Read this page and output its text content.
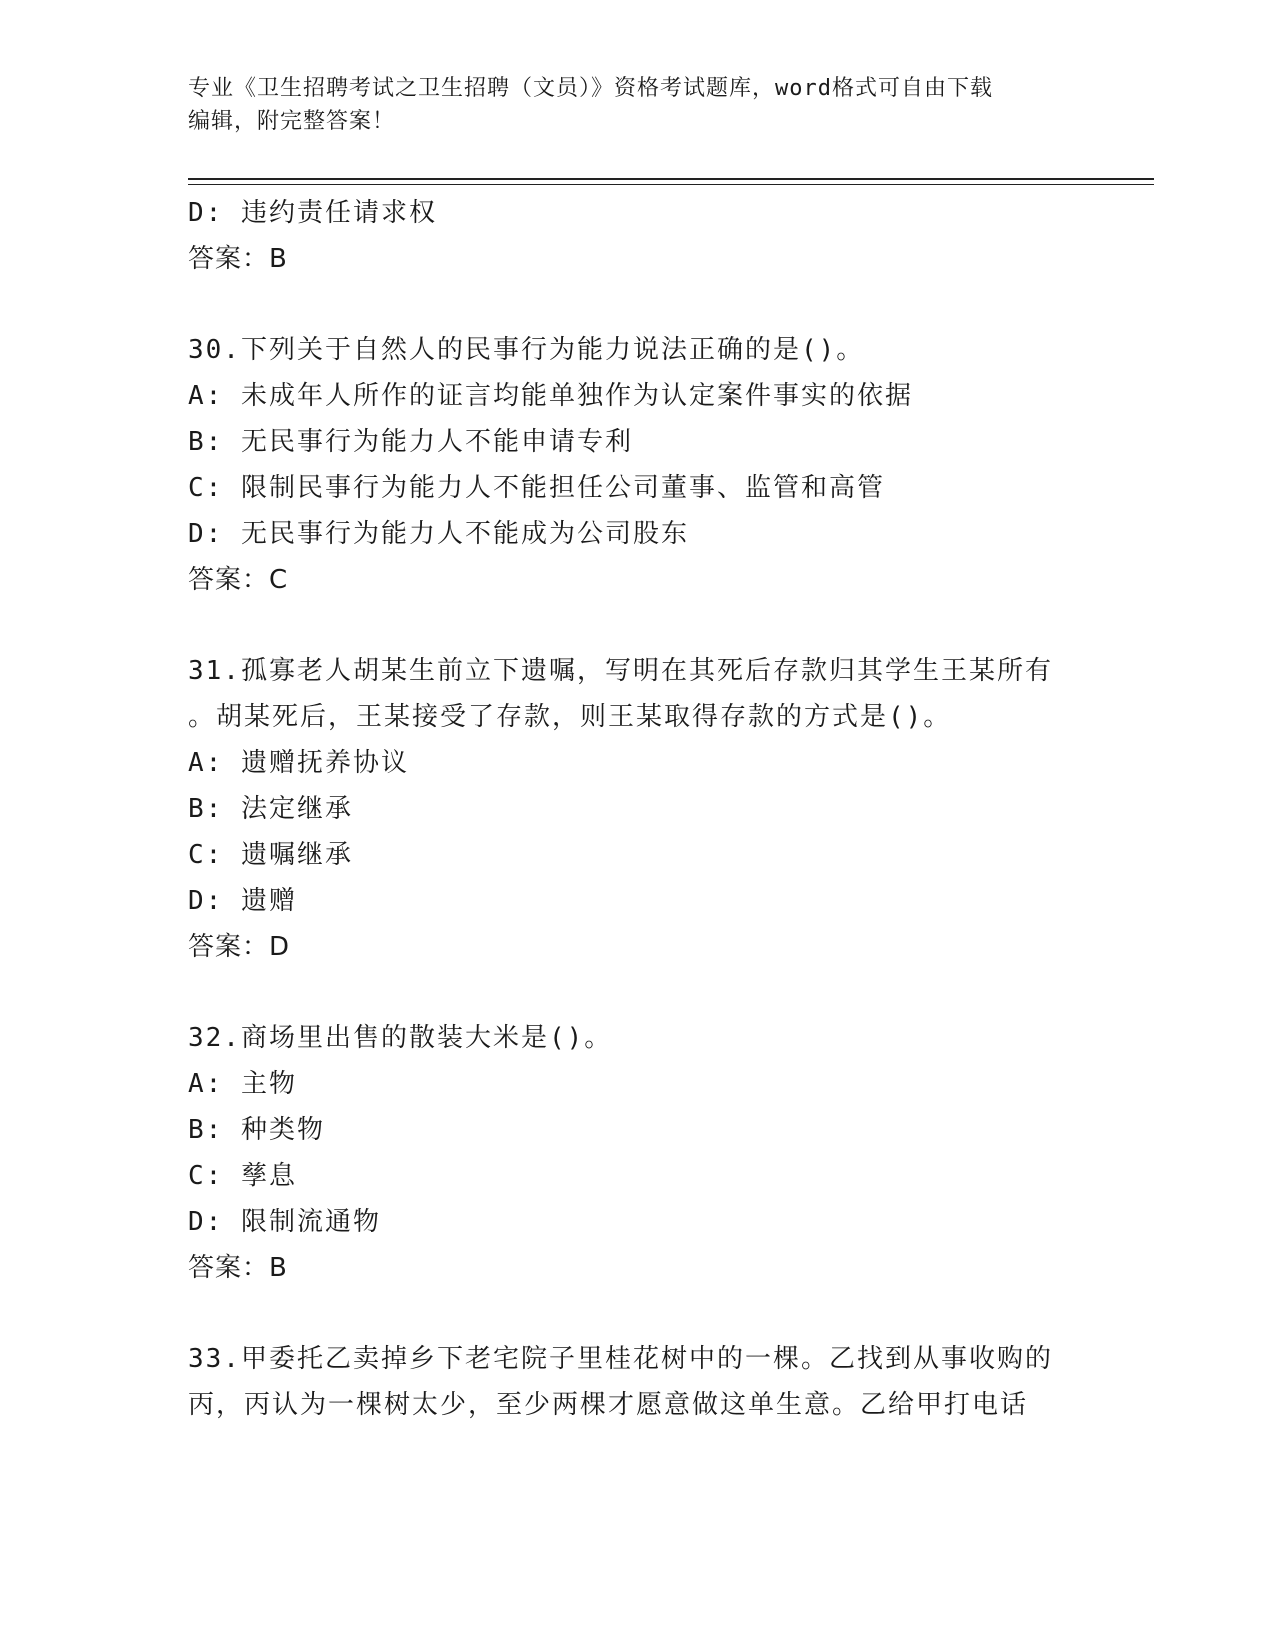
专业《卫生招聘考试之卫生招聘（文员）》资格考试题库，word格式可自由下载
编辑，附完整答案！
D: 违约责任请求权
答案：B
30.下列关于自然人的民事行为能力说法正确的是()。
A: 未成年人所作的证言均能单独作为认定案件事实的依据
B: 无民事行为能力人不能申请专利
C: 限制民事行为能力人不能担任公司董事、监管和高管
D: 无民事行为能力人不能成为公司股东
答案：C
31.孤寡老人胡某生前立下遗嘱，写明在其死后存款归其学生王某所有
。胡某死后，王某接受了存款，则王某取得存款的方式是()。
A: 遗赠抚养协议
B: 法定继承
C: 遗嘱继承
D: 遗赠
答案：D
32.商场里出售的散装大米是()。
A: 主物
B: 种类物
C: 孳息
D: 限制流通物
答案：B
33.甲委托乙卖掉乡下老宅院子里桂花树中的一棵。乙找到从事收购的
丙，丙认为一棵树太少，至少两棵才愿意做这单生意。乙给甲打电话
